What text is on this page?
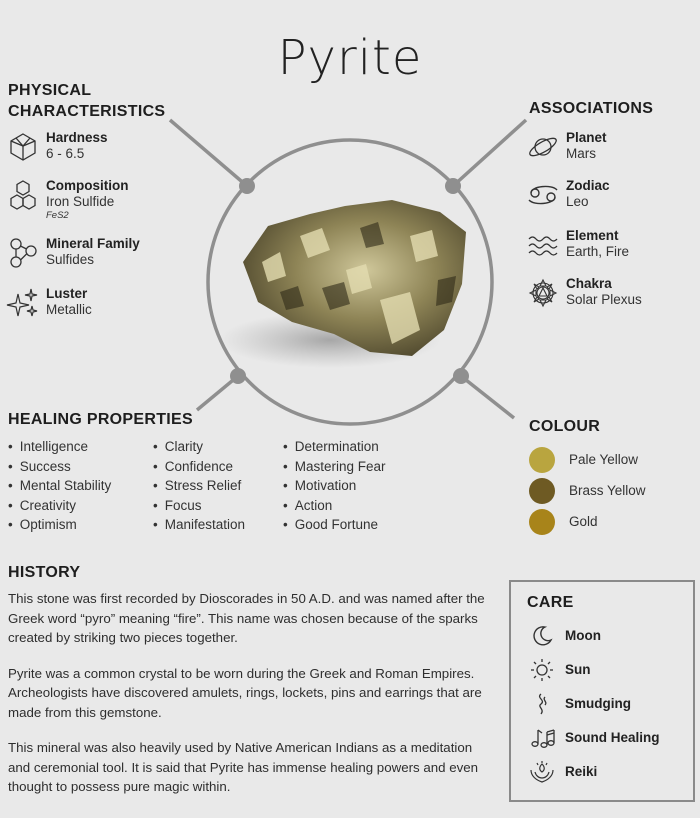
Pyrite
PHYSICAL
CHARACTERISTICS
Hardness
6 - 6.5
Composition
Iron Sulfide
FeS2
Mineral Family
Sulfides
Luster
Metallic
ASSOCIATIONS
Planet
Mars
Zodiac
Leo
Element
Earth, Fire
Chakra
Solar Plexus
HEALING PROPERTIES
• Intelligence
• Success
• Mental Stability
• Creativity
• Optimism
• Clarity
• Confidence
• Stress Relief
• Focus
• Manifestation
• Determination
• Mastering Fear
• Motivation
• Action
• Good Fortune
COLOUR
Pale Yellow
Brass Yellow
Gold
HISTORY

This stone was first recorded by Dioscorades in 50 A.D. and was named after the Greek word “pyro” meaning “fire”. This name was chosen because of the sparks created by striking two pieces together.

Pyrite was a common crystal to be worn during the Greek and Roman Empires. Archeologists have discovered amulets, rings, lockets, pins and earrings that are made from this gemstone.

This mineral was also heavily used by Native American Indians as a meditation and ceremonial tool. It is said that Pyrite has immense healing powers and even thought to possess pure magic within.

CARE
Moon
Sun
Smudging
Sound Healing
Reiki
